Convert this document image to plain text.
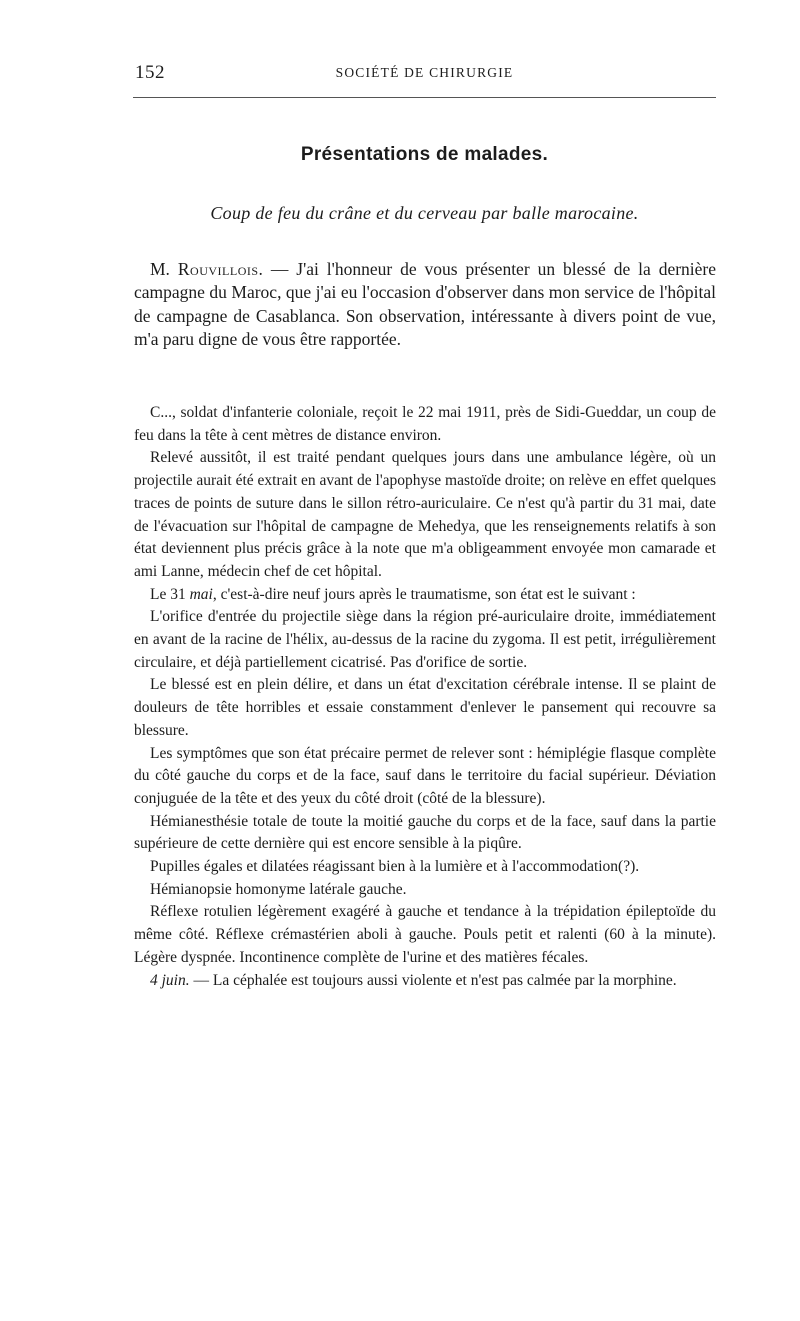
152	SOCIÉTÉ DE CHIRURGIE
Présentations de malades.
Coup de feu du crâne et du cerveau par balle marocaine.

M. Rouvillois. — J'ai l'honneur de vous présenter un blessé de la dernière campagne du Maroc, que j'ai eu l'occasion d'observer dans mon service de l'hôpital de campagne de Casablanca. Son observation, intéressante à divers point de vue, m'a paru digne de vous être rapportée.

C..., soldat d'infanterie coloniale, reçoit le 22 mai 1911, près de Sidi-Gueddar, un coup de feu dans la tête à cent mètres de distance environ.

Relevé aussitôt, il est traité pendant quelques jours dans une ambulance légère, où un projectile aurait été extrait en avant de l'apophyse mastoïde droite; on relève en effet quelques traces de points de suture dans le sillon rétro-auriculaire. Ce n'est qu'à partir du 31 mai, date de l'évacuation sur l'hôpital de campagne de Mehedya, que les renseignements relatifs à son état deviennent plus précis grâce à la note que m'a obligeamment envoyée mon camarade et ami Lanne, médecin chef de cet hôpital.

Le 31 mai, c'est-à-dire neuf jours après le traumatisme, son état est le suivant :

L'orifice d'entrée du projectile siège dans la région pré-auriculaire droite, immédiatement en avant de la racine de l'hélix, au-dessus de la racine du zygoma. Il est petit, irrégulièrement circulaire, et déjà partiellement cicatrisé. Pas d'orifice de sortie.

Le blessé est en plein délire, et dans un état d'excitation cérébrale intense. Il se plaint de douleurs de tête horribles et essaie constamment d'enlever le pansement qui recouvre sa blessure.

Les symptômes que son état précaire permet de relever sont : hémiplégie flasque complète du côté gauche du corps et de la face, sauf dans le territoire du facial supérieur. Déviation conjuguée de la tête et des yeux du côté droit (côté de la blessure).

Hémianesthésie totale de toute la moitié gauche du corps et de la face, sauf dans la partie supérieure de cette dernière qui est encore sensible à la piqûre.

Pupilles égales et dilatées réagissant bien à la lumière et à l'accommodation(?).

Hémianopsie homonyme latérale gauche.

Réflexe rotulien légèrement exagéré à gauche et tendance à la trépidation épileptoïde du même côté. Réflexe crémastérien aboli à gauche. Pouls petit et ralenti (60 à la minute). Légère dyspnée. Incontinence complète de l'urine et des matières fécales.

4 juin. — La céphalée est toujours aussi violente et n'est pas calmée par la morphine.
